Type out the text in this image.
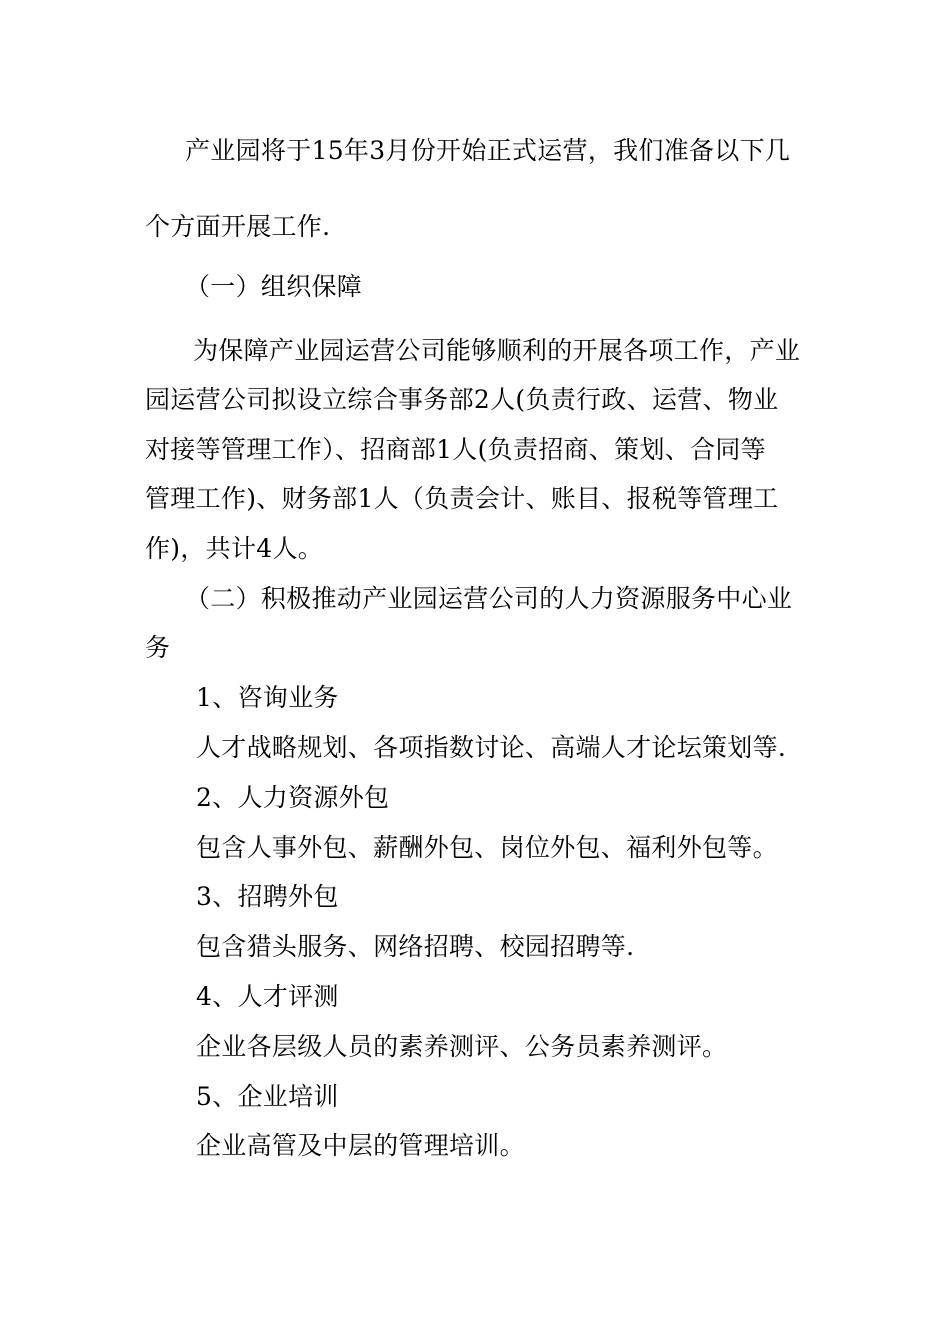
产业园将于15年3月份开始正式运营，我们准备以下几
个方面开展工作.
（一）组织保障
为保障产业园运营公司能够顺利的开展各项工作，产业
园运营公司拟设立综合事务部2人(负责行政、运营、物业
对接等管理工作）、招商部1人(负责招商、策划、合同等
管理工作)、财务部1人（负责会计、账目、报税等管理工
作)，共计4人。
（二）积极推动产业园运营公司的人力资源服务中心业
务
1、咨询业务
人才战略规划、各项指数讨论、高端人才论坛策划等.
2、人力资源外包
包含人事外包、薪酬外包、岗位外包、福利外包等。
3、招聘外包
包含猎头服务、网络招聘、校园招聘等.
4、人才评测
企业各层级人员的素养测评、公务员素养测评。
5、企业培训
企业高管及中层的管理培训。
